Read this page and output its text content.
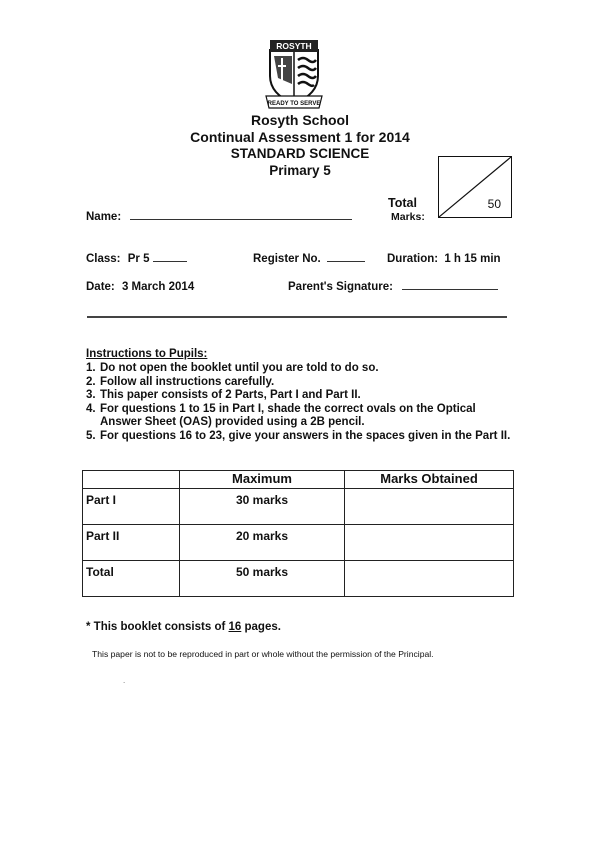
ROSYTH
READY TO SERVE
Rosyth School
Continual Assessment 1 for 2014
STANDARD SCIENCE
Primary 5
Total
Marks:
50
Name:
Class: Pr 5	Register No.	Duration: 1 h 15 min
Date: 3 March 2014	Parent's Signature:
Instructions to Pupils:
1. Do not open the booklet until you are told to do so.
2. Follow all instructions carefully.
3. This paper consists of 2 Parts, Part I and Part II.
4. For questions 1 to 15 in Part I, shade the correct ovals on the Optical Answer Sheet (OAS) provided using a 2B pencil.
5. For questions 16 to 23, give your answers in the spaces given in the Part II.
	Maximum	Marks Obtained
Part I	30 marks	
Part II	20 marks	
Total	50 marks	
* This booklet consists of 16 pages.
This paper is not to be reproduced in part or whole without the permission of the Principal.
.
